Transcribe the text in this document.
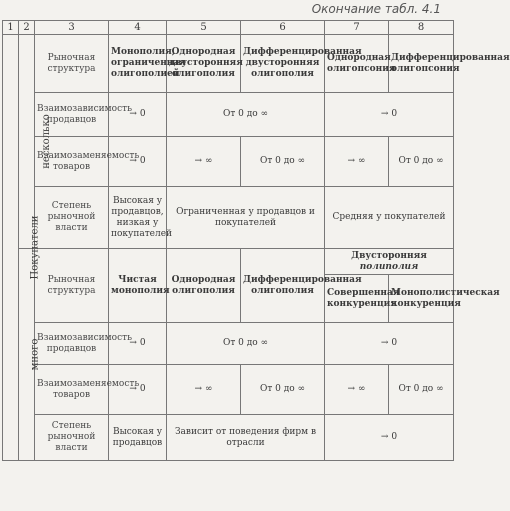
Окончание табл. 4.1
1	2	3	4	5	6	7	8
Покупатели	несколько	Рыночная структура	Монополия, ограниченная олигополией	Однородная двусторонняя олигополия	Дифференцированная двусторонняя олигополия	Однородная олигопсония	Дифференцированная олигопсония
		Взаимозависимость продавцов	→ 0	От 0 до ∞		→ 0	
		Взаимозаменяемость товаров	→ 0	→ ∞	От 0 до ∞	→ ∞	От 0 до ∞
		Степень рыночной власти	Высокая у продавцов, низкая у покупателей	Ограниченная у продавцов и покупателей		Средняя у покупателей	
	много	Рыночная структура	Чистая монополия	Однородная олигополия	Дифференцированная олигополия	Двусторонняя полиполия	
						Совершенная конкуренция	Монополистическая конкуренция
		Взаимозависимость продавцов	→ 0	От 0 до ∞		→ 0	
		Взаимозаменяемость товаров	→ 0	→ ∞	От 0 до ∞	→ ∞	От 0 до ∞
		Степень рыночной власти	Высокая у продавцов	Зависит от поведения фирм в отрасли		→ 0	
